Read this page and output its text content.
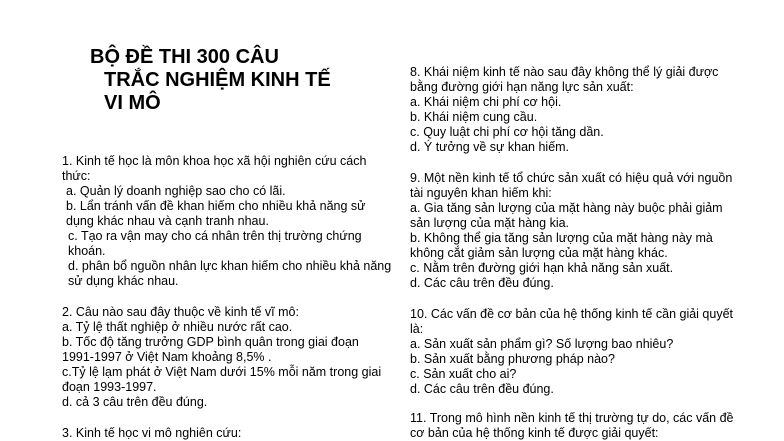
BỘ ĐỀ THI 300 CÂU
TRẮC NGHIỆM KINH TẾ
VI MÔ
1. Kinh tế học là môn khoa học xã hội nghiên cứu cách thức:
a. Quản lý doanh nghiệp sao cho có lãi.
b. Lẩn tránh vấn đề khan hiếm cho nhiều khả năng sử dụng khác nhau và cạnh tranh nhau.
c. Tạo ra vận may cho cá nhân trên thị trường chứng khoán.
d. phân bổ nguồn nhân lực khan hiếm cho nhiều khả năng sử dụng khác nhau.
2. Câu nào sau đây thuộc về kinh tế vĩ mô:
a. Tỷ lệ thất nghiệp ở nhiều nước rất cao.
b. Tốc độ tăng trưởng GDP bình quân trong giai đoạn 1991-1997 ở Việt Nam khoảng 8,5% .
c.Tỷ lệ lạm phát ở Việt Nam dưới 15% mỗi năm trong giai đoạn 1993-1997.
d. cả 3 câu trên đều đúng.
3. Kinh tế học vi mô nghiên cứu:
8. Khái niệm kinh tế nào sau đây không thể lý giải được bằng đường giới hạn năng lực sản xuất:
a. Khái niệm chi phí cơ hội.
b. Khái niệm cung cầu.
c. Quy luật chi phí cơ hội tăng dần.
d. Ý tưởng về sự khan hiếm.
9. Một nền kinh tế tổ chức sản xuất có hiệu quả với nguồn tài nguyên khan hiếm khi:
a. Gia tăng sản lượng của mặt hàng này buộc phải giảm sản lượng của mặt hàng kia.
b. Không thể gia tăng sản lượng của mặt hàng này mà không cắt giảm sản lượng của mặt hàng khác.
c. Nằm trên đường giới hạn khả năng sản xuất.
d. Các câu trên đều đúng.
10. Các vấn đề cơ bản của hệ thống kinh tế cần giải quyết là:
a. Sản xuất sản phẩm gì? Số lượng bao nhiêu?
b. Sản xuất bằng phương pháp nào?
c. Sản xuất cho ai?
d. Các câu trên đều đúng.
11. Trong mô hình nền kinh tế thị trường tự do, các vấn đề cơ bản của hệ thống kinh tế được giải quyết:
